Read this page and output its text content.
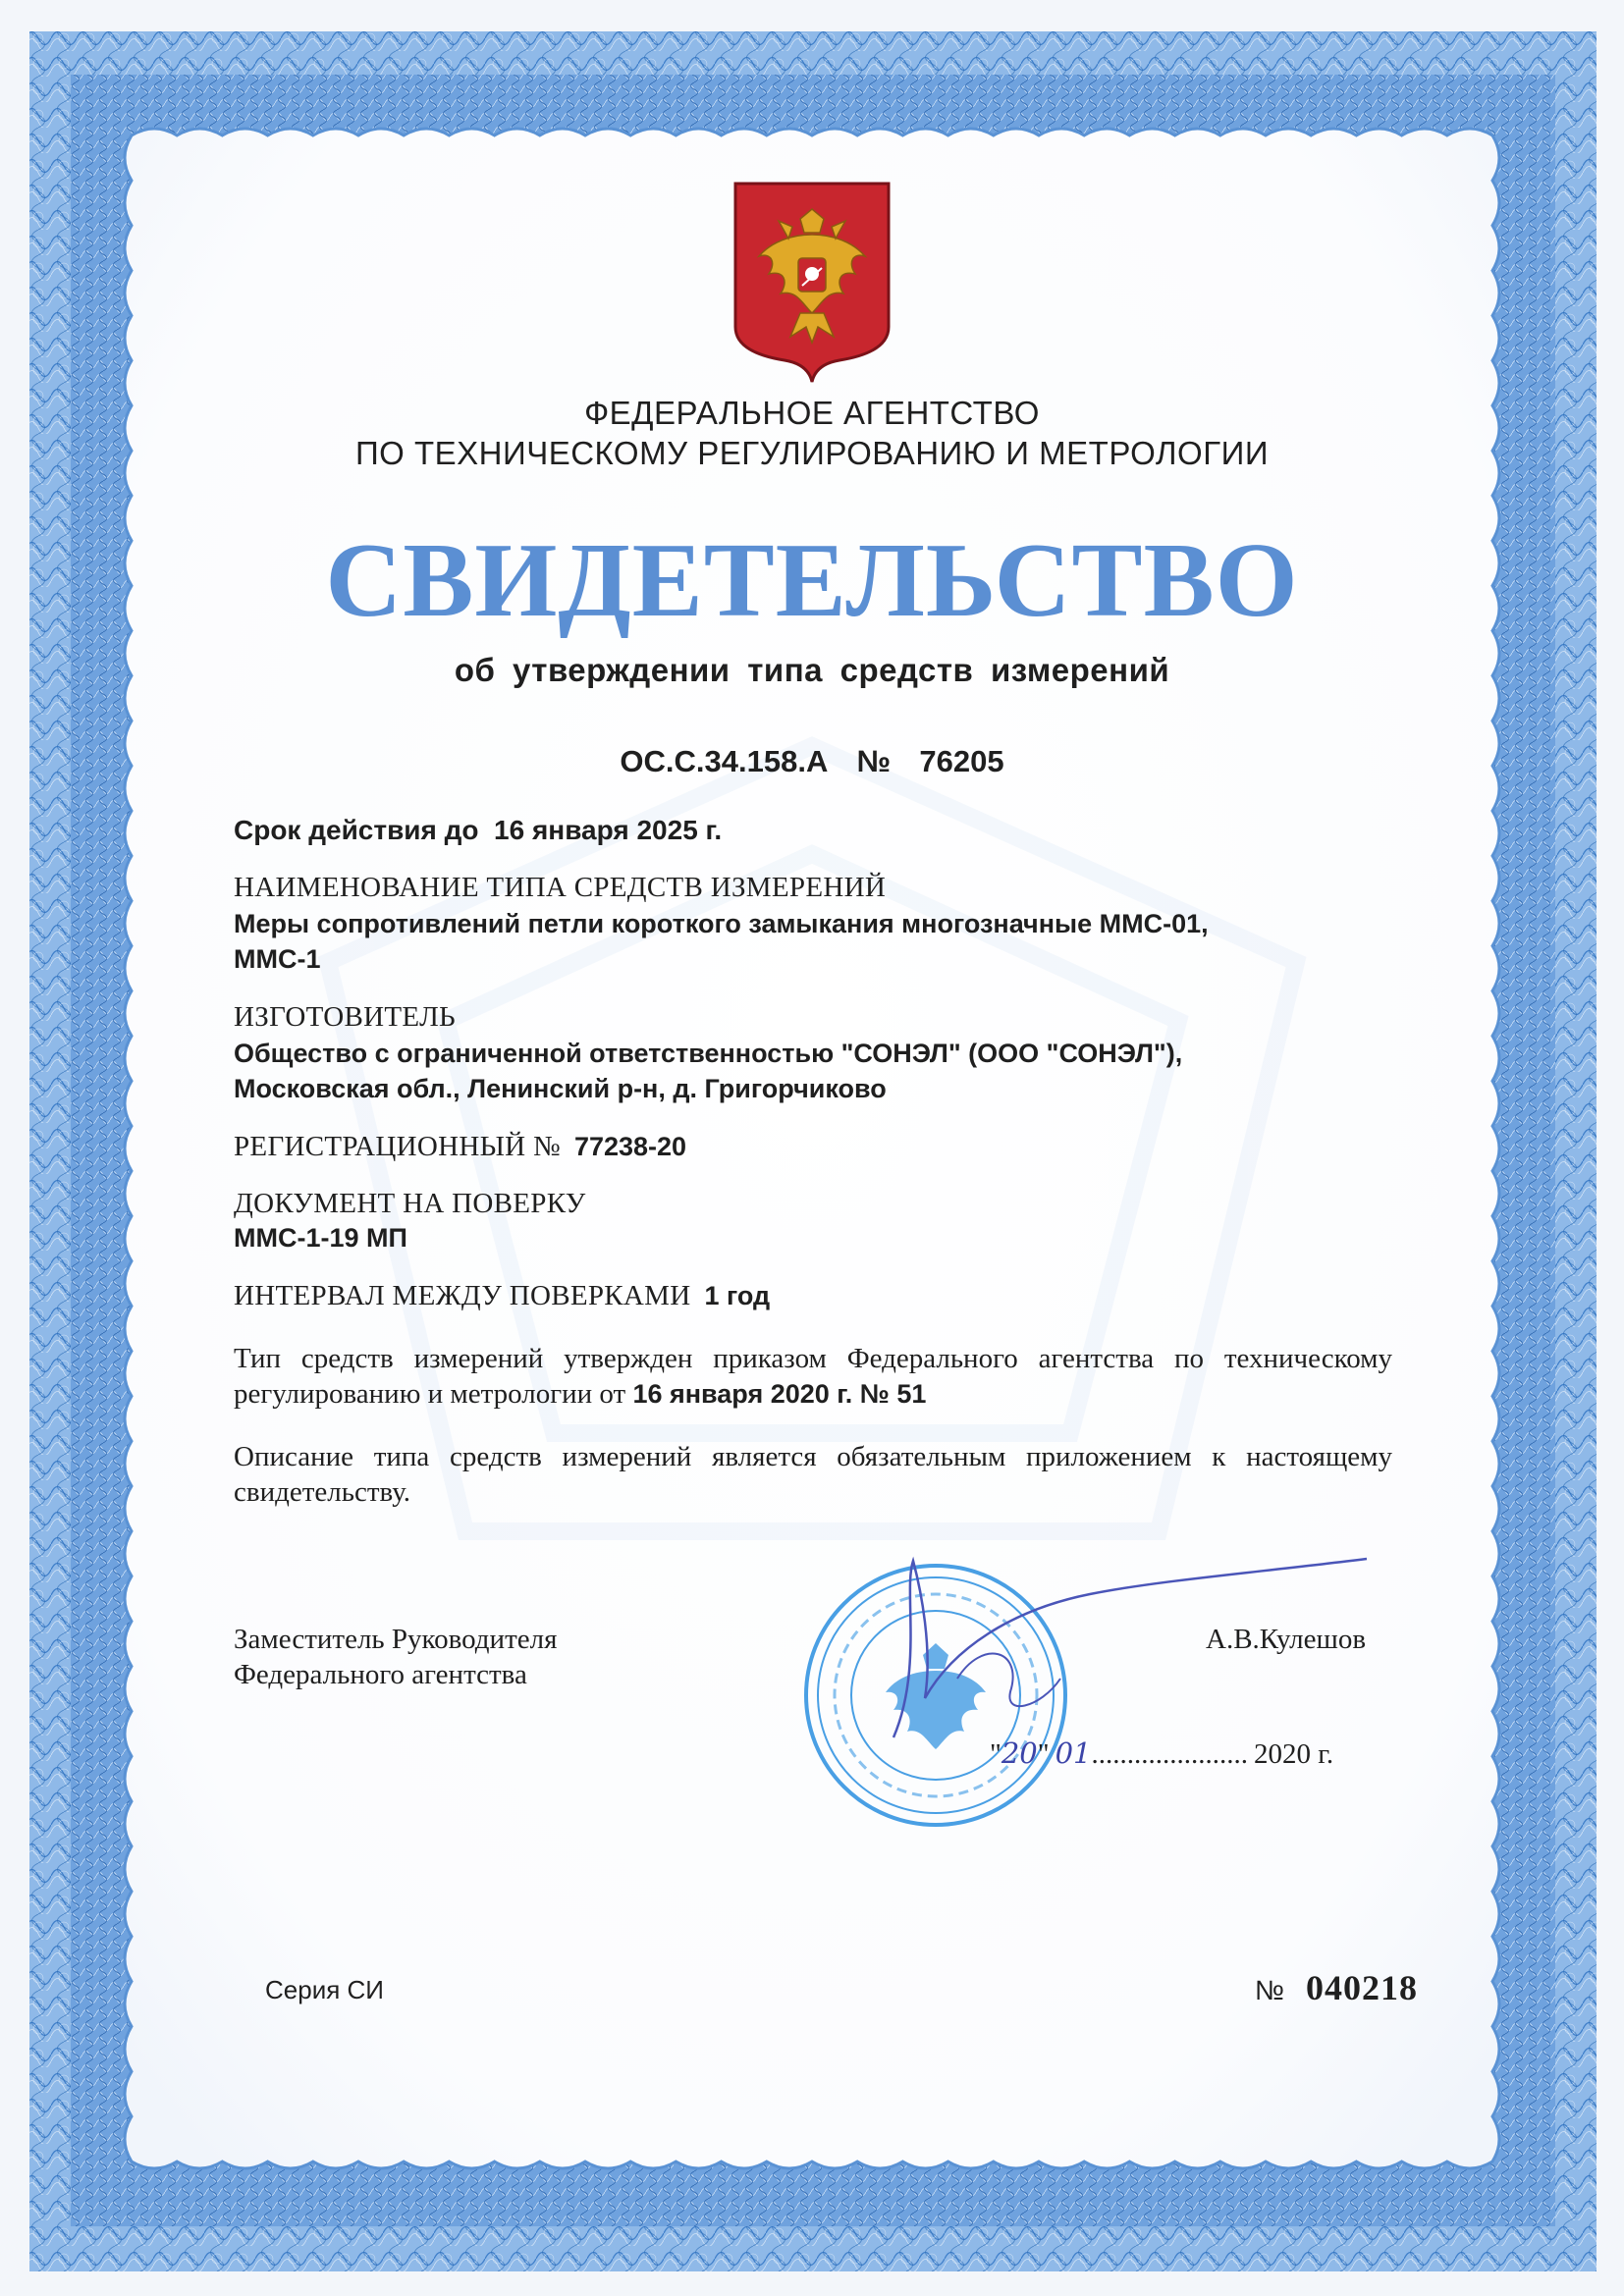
ФЕДЕРАЛЬНОЕ АГЕНТСТВО
ПО ТЕХНИЧЕСКОМУ РЕГУЛИРОВАНИЮ И МЕТРОЛОГИИ
СВИДЕТЕЛЬСТВО
об утверждении типа средств измерений
ОС.С.34.158.А  №  76205
Срок действия до  16 января 2025 г.
НАИМЕНОВАНИЕ ТИПА СРЕДСТВ ИЗМЕРЕНИЙ
Меры сопротивлений петли короткого замыкания многозначные ММС-01,
ММС-1
ИЗГОТОВИТЕЛЬ
Общество с ограниченной ответственностью "СОНЭЛ" (ООО "СОНЭЛ"),
Московская обл., Ленинский р-н, д. Григорчиково
РЕГИСТРАЦИОННЫЙ № 77238-20
ДОКУМЕНТ НА ПОВЕРКУ
ММС-1-19 МП
ИНТЕРВАЛ МЕЖДУ ПОВЕРКАМИ 1 год
Тип средств измерений утвержден приказом Федерального агентства по техническому регулированию и метрологии от 16 января 2020 г. № 51
Описание типа средств измерений является обязательным приложением к настоящему свидетельству.
Заместитель Руководителя
Федерального агентства
А.В.Кулешов
"20" 01...................... 2020 г.
Серия СИ	№ 040218
